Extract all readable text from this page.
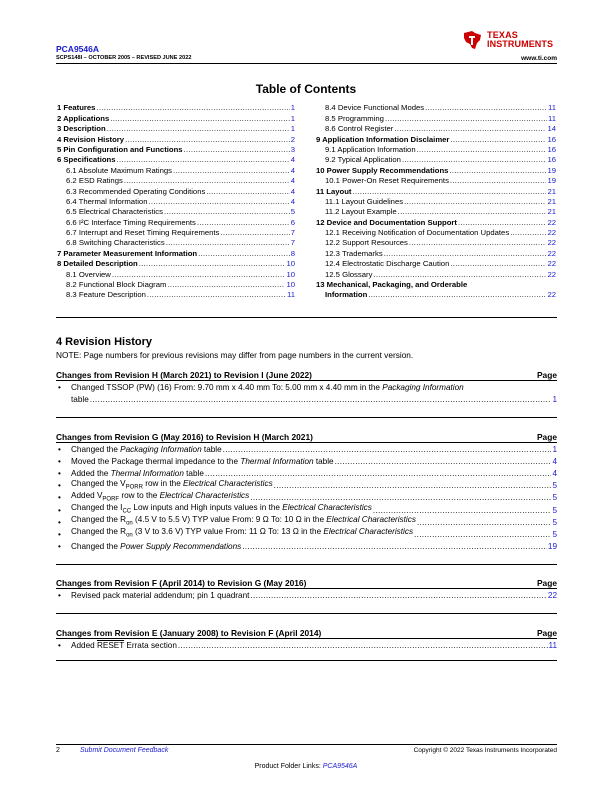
PCA9546A
SCPS148I – OCTOBER 2005 – REVISED JUNE 2022
TEXAS
INSTRUMENTS
www.ti.com
Table of Contents
1 Features .....	1
2 Applications .....	1
3 Description .....	1
4 Revision History .....	2
5 Pin Configuration and Functions .....	3
6 Specifications .....	4
6.1 Absolute Maximum Ratings .....	4
6.2 ESD Ratings .....	4
6.3 Recommended Operating Conditions .....	4
6.4 Thermal Information .....	4
6.5 Electrical Characteristics .....	5
6.6 I²C Interface Timing Requirements .....	6
6.7 Interrupt and Reset Timing Requirements .....	7
6.8 Switching Characteristics .....	7
7 Parameter Measurement Information .....	8
8 Detailed Description .....	10
8.1 Overview .....	10
8.2 Functional Block Diagram .....	10
8.3 Feature Description .....	11
8.4 Device Functional Modes .....	11
8.5 Programming .....	11
8.6 Control Register .....	14
9 Application Information Disclaimer .....	16
9.1 Application Information .....	16
9.2 Typical Application .....	16
10 Power Supply Recommendations .....	19
10.1 Power-On Reset Requirements .....	19
11 Layout .....	21
11.1 Layout Guidelines .....	21
11.2 Layout Example .....	21
12 Device and Documentation Support .....	22
12.1 Receiving Notification of Documentation Updates .....	22
12.2 Support Resources .....	22
12.3 Trademarks .....	22
12.4 Electrostatic Discharge Caution .....	22
12.5 Glossary .....	22
13 Mechanical, Packaging, and Orderable
Information .....	22
4 Revision History
NOTE: Page numbers for previous revisions may differ from page numbers in the current version.
Changes from Revision H (March 2021) to Revision I (June 2022)	Page
• Changed TSSOP (PW) (16) From: 9.70 mm x 4.40 mm To: 5.00 mm x 4.40 mm in the Packaging Information
table .....	1
Changes from Revision G (May 2016) to Revision H (March 2021)	Page
• Changed the Packaging Information table .....	1
• Moved the Package thermal impedance to the Thermal Information table .....	4
• Added the Thermal Information table .....	4
• Changed the $V_{PORR}$ row in the Electrical Characteristics .....	5
• Added $V_{PORF}$ row to the Electrical Characteristics .....	5
• Changed the $I_{CC}$ Low inputs and High inputs values in the Electrical Characteristics .....	5
• Changed the $R_{on}$ (4.5 V to 5.5 V) TYP value From: 9 Ω To: 10 Ω in the Electrical Characteristics .....	5
• Changed the $R_{on}$ (3 V to 3.6 V) TYP value From: 11 Ω To: 13 Ω in the Electrical Characteristics .....	5
• Changed the Power Supply Recommendations .....	19
Changes from Revision F (April 2014) to Revision G (May 2016)	Page
• Revised pack material addendum; pin 1 quadrant .....	22
Changes from Revision E (January 2008) to Revision F (April 2014)	Page
• Added RESET Errata section .....	11
2	Submit Document Feedback	Copyright © 2022 Texas Instruments Incorporated
Product Folder Links: PCA9546A
